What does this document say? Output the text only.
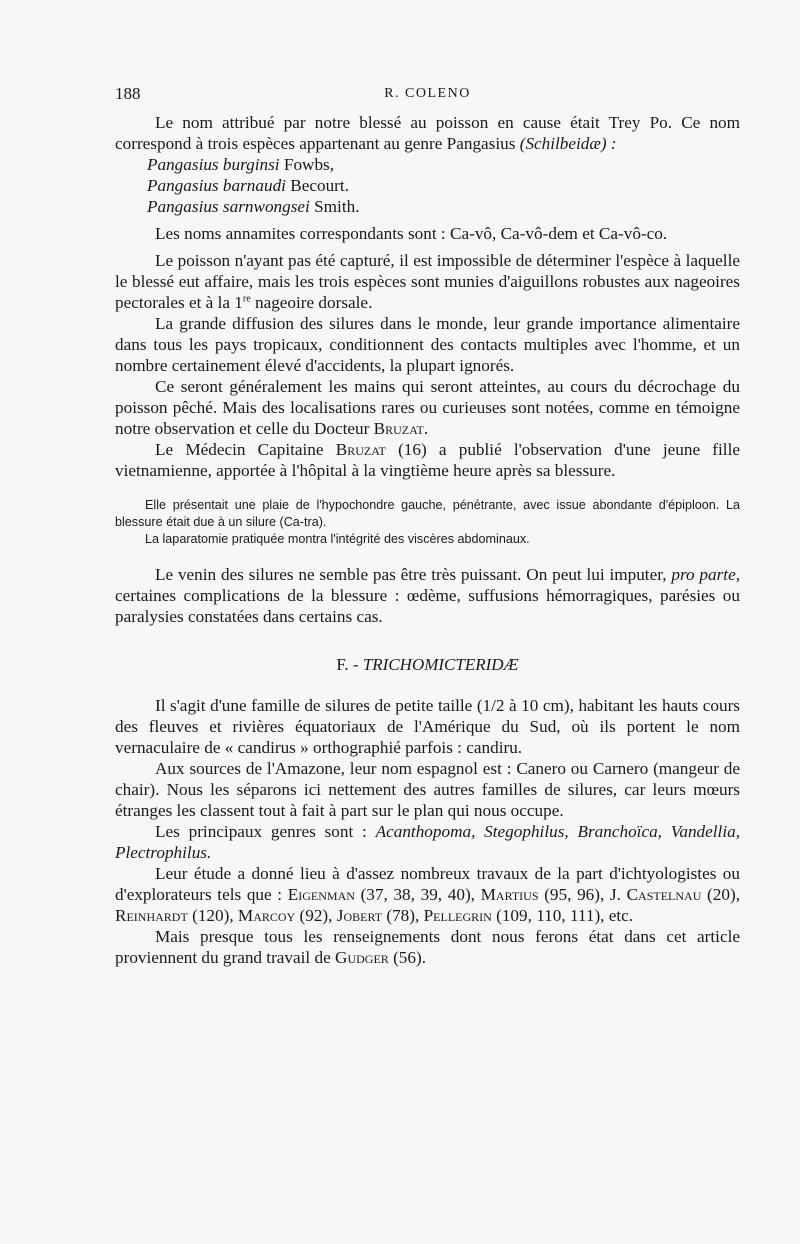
188	R. COLENO

Le nom attribué par notre blessé au poisson en cause était Trey Po. Ce nom correspond à trois espèces appartenant au genre Pangasius (Schilbeidæ) :

Pangasius burginsi Fowbs,
Pangasius barnaudi Becourt.
Pangasius sarnwongsei Smith.

Les noms annamites correspondants sont : Ca-vô, Ca-vô-dem et Ca-vô-co.

Le poisson n'ayant pas été capturé, il est impossible de déterminer l'espèce à laquelle le blessé eut affaire, mais les trois espèces sont munies d'aiguillons robustes aux nageoires pectorales et à la 1re nageoire dorsale.

La grande diffusion des silures dans le monde, leur grande importance alimentaire dans tous les pays tropicaux, conditionnent des contacts multiples avec l'homme, et un nombre certainement élevé d'accidents, la plupart ignorés.

Ce seront généralement les mains qui seront atteintes, au cours du décrochage du poisson pêché. Mais des localisations rares ou curieuses sont notées, comme en témoigne notre observation et celle du Docteur Bruzat.

Le Médecin Capitaine Bruzat (16) a publié l'observation d'une jeune fille vietnamienne, apportée à l'hôpital à la vingtième heure après sa blessure.

Elle présentait une plaie de l'hypochondre gauche, pénétrante, avec issue abondante d'épiploon. La blessure était due à un silure (Ca-tra).

La laparatomie pratiquée montra l'intégrité des viscères abdominaux.

Le venin des silures ne semble pas être très puissant. On peut lui imputer, pro parte, certaines complications de la blessure : œdème, suffusions hémorragiques, parésies ou paralysies constatées dans certains cas.

F. - TRICHOMICTERIDÆ

Il s'agit d'une famille de silures de petite taille (1/2 à 10 cm), habitant les hauts cours des fleuves et rivières équatoriaux de l'Amérique du Sud, où ils portent le nom vernaculaire de « candirus » orthographié parfois : candiru.

Aux sources de l'Amazone, leur nom espagnol est : Canero ou Carnero (mangeur de chair). Nous les séparons ici nettement des autres familles de silures, car leurs mœurs étranges les classent tout à fait à part sur le plan qui nous occupe.

Les principaux genres sont : Acanthopoma, Stegophilus, Branchoïca, Vandellia, Plectrophilus.

Leur étude a donné lieu à d'assez nombreux travaux de la part d'ichtyologistes ou d'explorateurs tels que : Eigenman (37, 38, 39, 40), Martius (95, 96), J. Castelnau (20), Reinhardt (120), Marcoy (92), Jobert (78), Pellegrin (109, 110, 111), etc.

Mais presque tous les renseignements dont nous ferons état dans cet article proviennent du grand travail de Gudger (56).
